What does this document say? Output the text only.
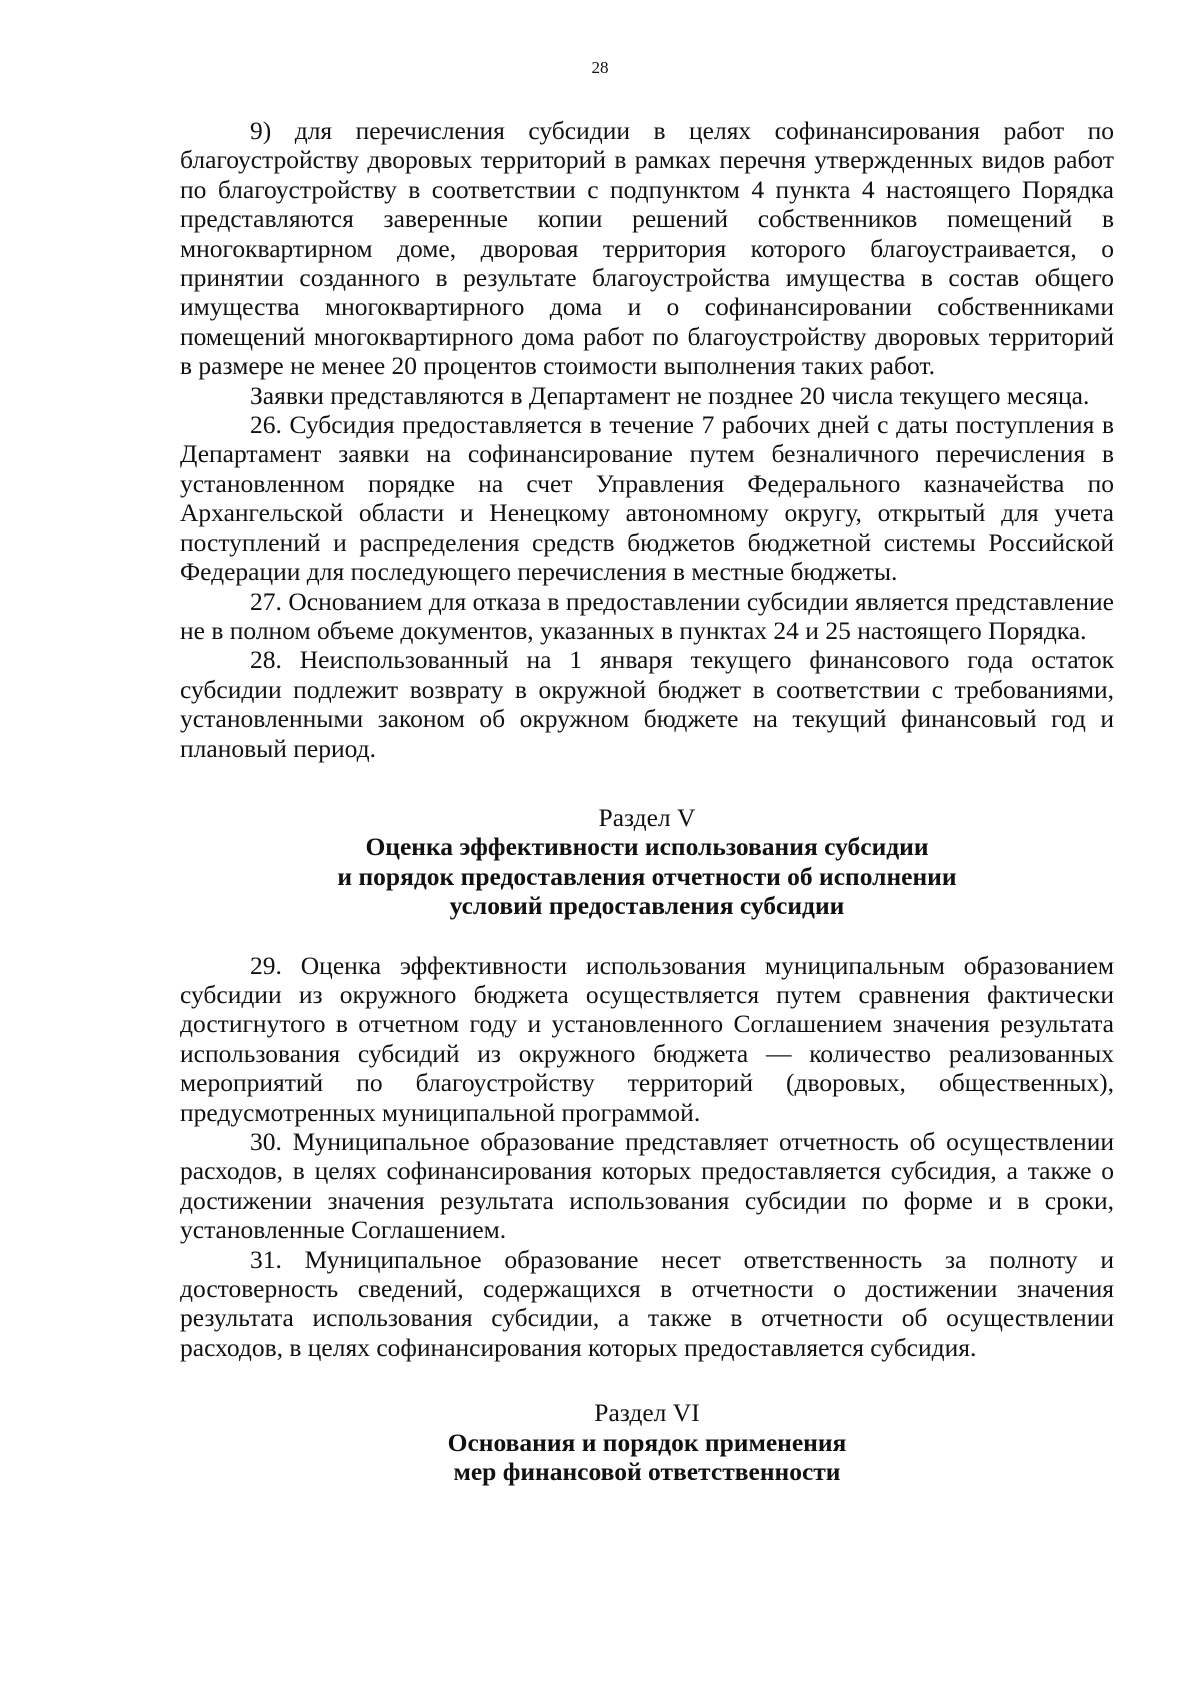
28

9) для перечисления субсидии в целях софинансирования работ по благоустройству дворовых территорий в рамках перечня утвержденных видов работ по благоустройству в соответствии с подпунктом 4 пункта 4 настоящего Порядка представляются заверенные копии решений собственников помещений в многоквартирном доме, дворовая территория которого благоустраивается, о принятии созданного в результате благоустройства имущества в состав общего имущества многоквартирного дома и о софинансировании собственниками помещений многоквартирного дома работ по благоустройству дворовых территорий в размере не менее 20 процентов стоимости выполнения таких работ.

Заявки представляются в Департамент не позднее 20 числа текущего месяца.

26. Субсидия предоставляется в течение 7 рабочих дней с даты поступления в Департамент заявки на софинансирование путем безналичного перечисления в установленном порядке на счет Управления Федерального казначейства по Архангельской области и Ненецкому автономному округу, открытый для учета поступлений и распределения средств бюджетов бюджетной системы Российской Федерации для последующего перечисления в местные бюджеты.

27. Основанием для отказа в предоставлении субсидии является представление не в полном объеме документов, указанных в пунктах 24 и 25 настоящего Порядка.

28. Неиспользованный на 1 января текущего финансового года остаток субсидии подлежит возврату в окружной бюджет в соответствии с требованиями, установленными законом об окружном бюджете на текущий финансовый год и плановый период.

Раздел V

Оценка эффективности использования субсидии
и порядок предоставления отчетности об исполнении
условий предоставления субсидии

29. Оценка эффективности использования муниципальным образованием субсидии из окружного бюджета осуществляется путем сравнения фактически достигнутого в отчетном году и установленного Соглашением значения результата использования субсидий из окружного бюджета — количество реализованных мероприятий по благоустройству территорий (дворовых, общественных), предусмотренных муниципальной программой.

30. Муниципальное образование представляет отчетность об осуществлении расходов, в целях софинансирования которых предоставляется субсидия, а также о достижении значения результата использования субсидии по форме и в сроки, установленные Соглашением.

31. Муниципальное образование несет ответственность за полноту и достоверность сведений, содержащихся в отчетности о достижении значения результата использования субсидии, а также в отчетности об осуществлении расходов, в целях софинансирования которых предоставляется субсидия.

Раздел VI

Основания и порядок применения
мер финансовой ответственности
